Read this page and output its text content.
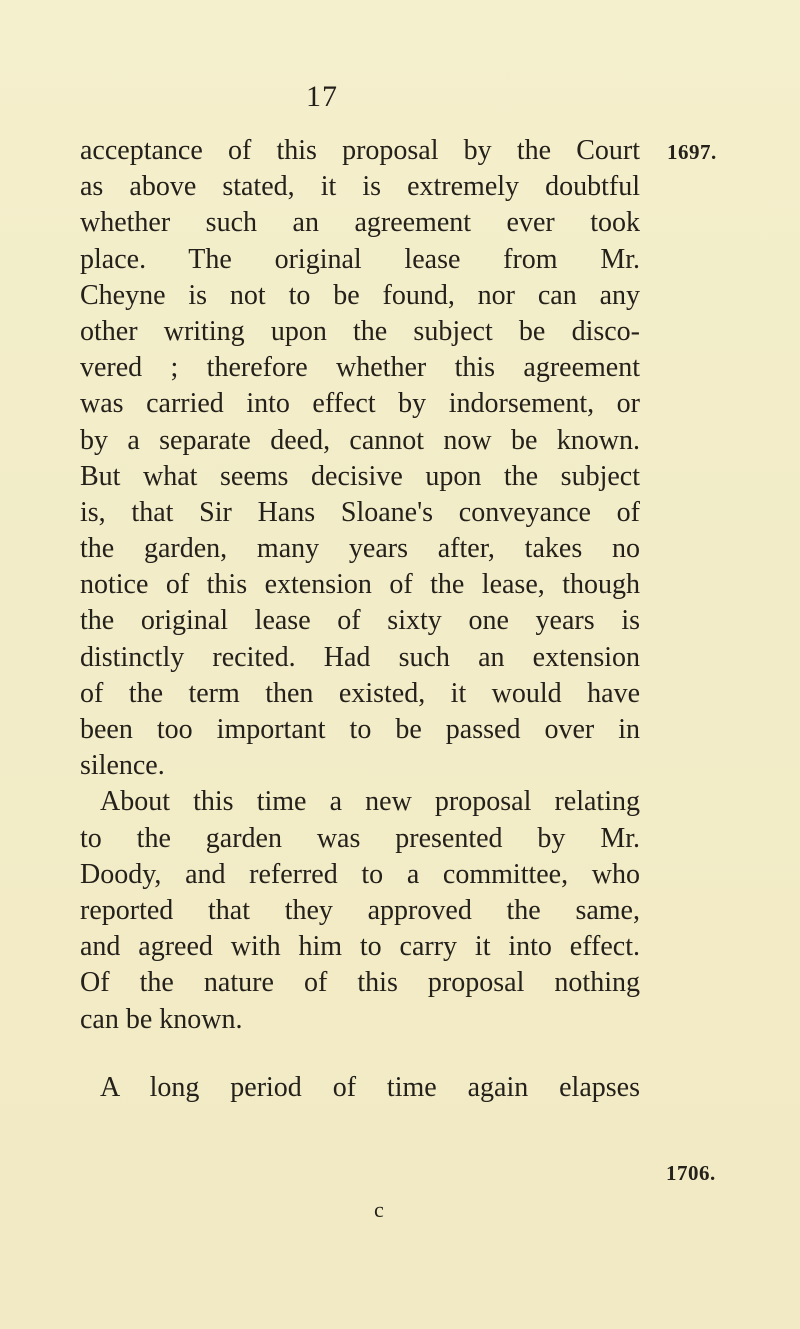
17
1697.
1706.
acceptance of this proposal by the Court
as above stated, it is extremely doubtful
whether such an agreement ever took
place. The original lease from Mr.
Cheyne is not to be found, nor can any
other writing upon the subject be disco-
vered ; therefore whether this agreement
was carried into effect by indorsement, or
by a separate deed, cannot now be known.
But what seems decisive upon the subject
is, that Sir Hans Sloane's conveyance of
the garden, many years after, takes no
notice of this extension of the lease, though
the original lease of sixty one years is
distinctly recited. Had such an extension
of the term then existed, it would have
been too important to be passed over in
silence.
About this time a new proposal relating
to the garden was presented by Mr.
Doody, and referred to a committee, who
reported that they approved the same,
and agreed with him to carry it into effect.
Of the nature of this proposal nothing
can be known.
A long period of time again elapses
c
